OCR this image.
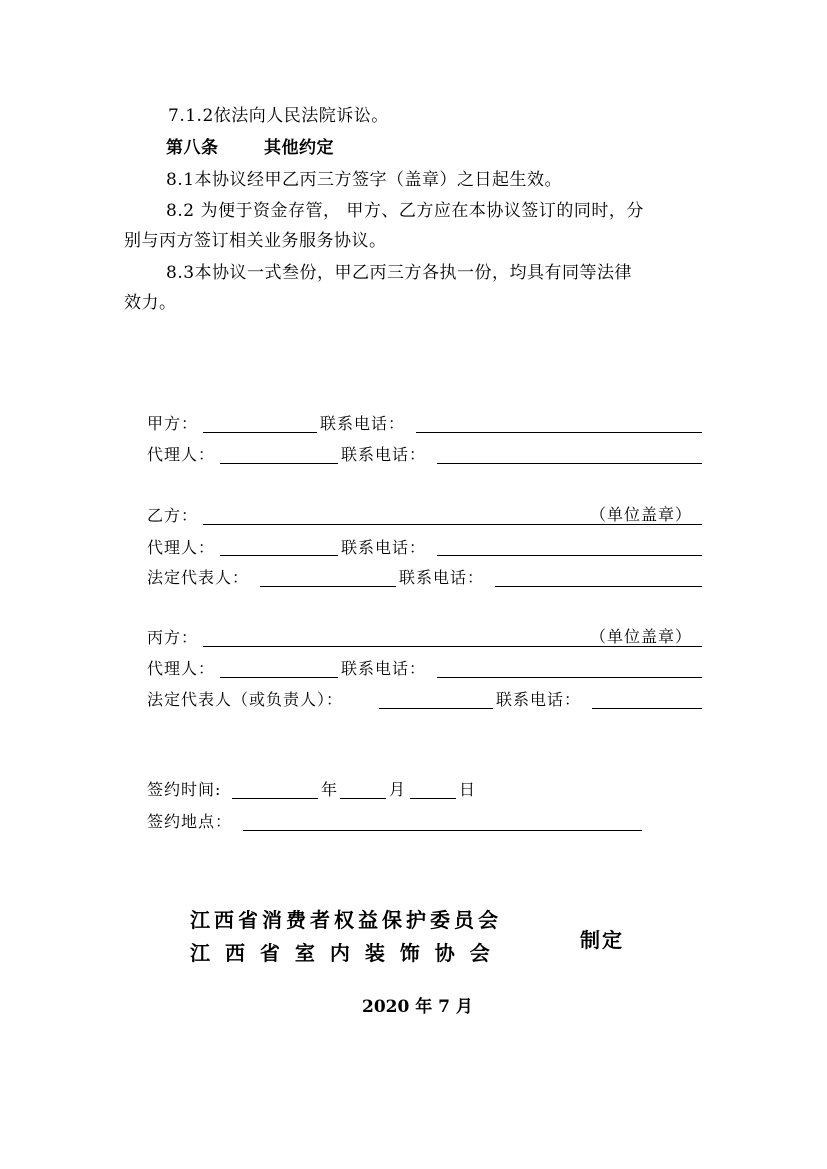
7.1.2依法向人民法院诉讼。
第八条	其他约定
8.1本协议经甲乙丙三方签字（盖章）之日起生效。
8.2 为便于资金存管， 甲方、乙方应在本协议签订的同时，分
别与丙方签订相关业务服务协议。
8.3本协议一式叁份，甲乙丙三方各执一份，均具有同等法律
效力。
甲方：	联系电话：
代理人：	联系电话：
乙方：	（单位盖章）
代理人：	联系电话：
法定代表人：	联系电话：
丙方：	（单位盖章）
代理人：	联系电话：
法定代表人（或负责人）：	联系电话：
签约时间:	年	月	日
签约地点：
江西省消费者权益保护委员会
江 西 省 室 内 装 饰 协 会
制定
2020 年 7 月
